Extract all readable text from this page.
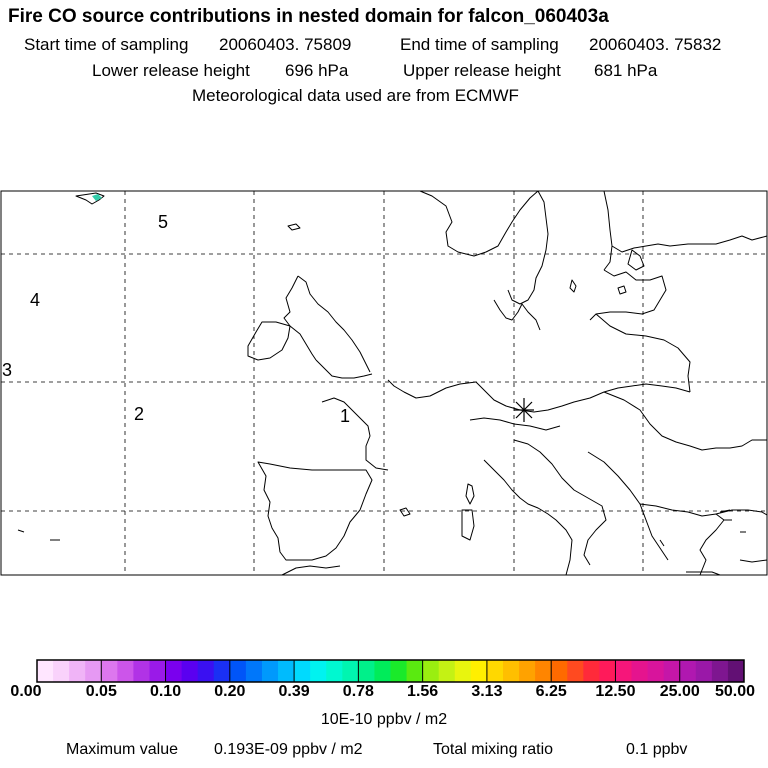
Fire CO source contributions in nested domain for falcon_060403a
Start time of sampling 20060403. 75809	End time of sampling 20060403. 75832
Lower release height 696 hPa	Upper release height 681 hPa
Meteorological data used are from ECMWF
5
4
3
2	1
0.00	0.05 0.10 0.20 0.39 0.78 1.56 3.13 6.25 12.50 25.00 50.00
10E-10 ppbv / m2
Maximum value 0.193E-09 ppbv / m2	Total mixing ratio	0.1 ppbv
